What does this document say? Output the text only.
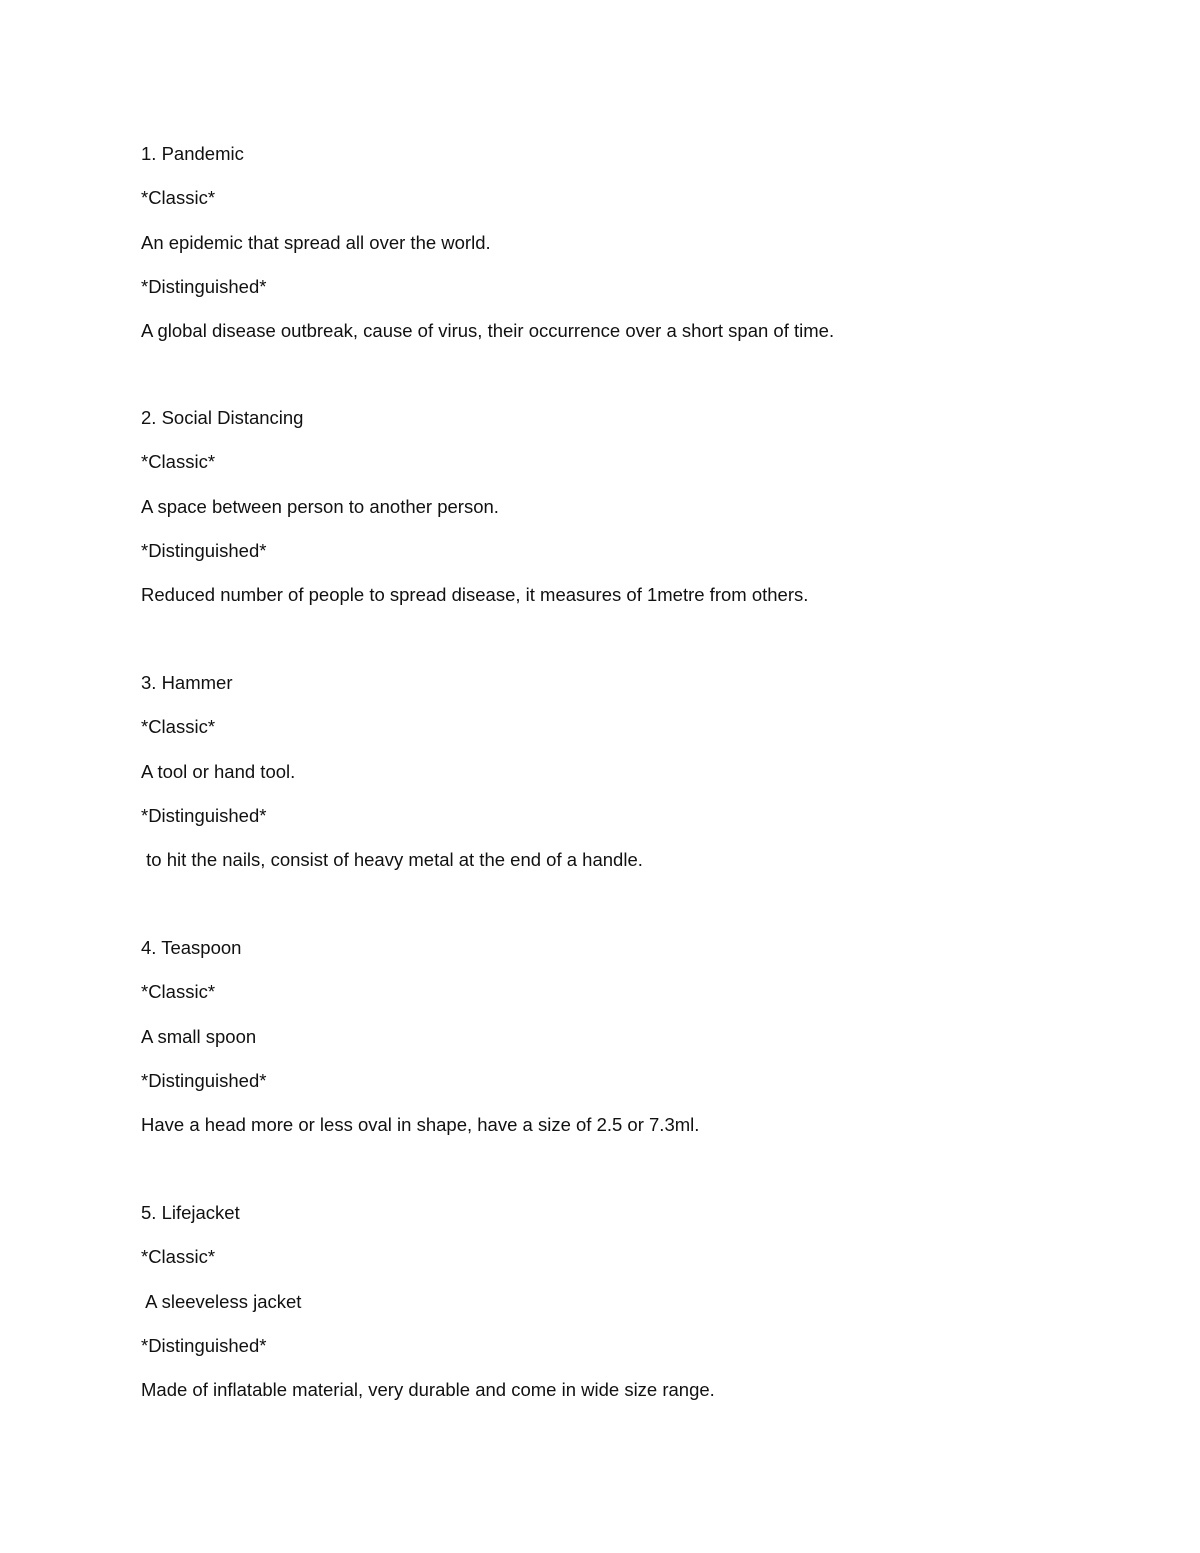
1. Pandemic
*Classic*
An epidemic that spread all over the world.
*Distinguished*
A global disease outbreak, cause of virus, their occurrence over a short span of time.
2. Social Distancing
*Classic*
A space between person to another person.
*Distinguished*
Reduced number of people to spread disease, it measures of 1metre from others.
3. Hammer
*Classic*
A tool or hand tool.
*Distinguished*
to hit the nails, consist of heavy metal at the end of a handle.
4. Teaspoon
*Classic*
A small spoon
*Distinguished*
Have a head more or less oval in shape, have a size of 2.5 or 7.3ml.
5. Lifejacket
*Classic*
A sleeveless jacket
*Distinguished*
Made of inflatable material, very durable and come in wide size range.
